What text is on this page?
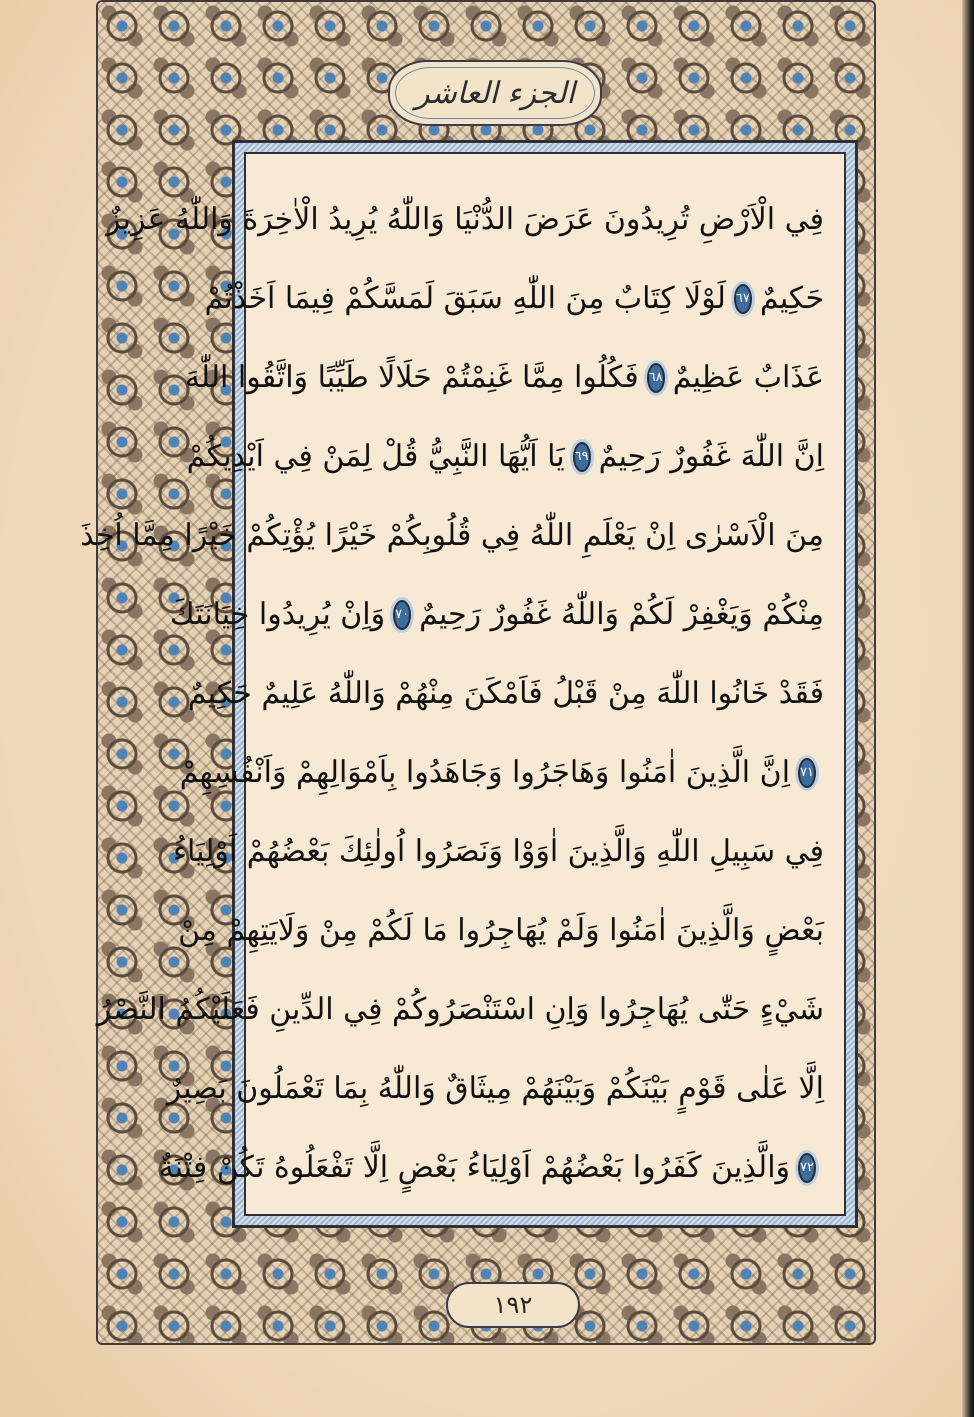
الجزء العاشر
فِي الْاَرْضِ تُرِيدُونَ عَرَضَ الدُّنْيَا وَاللّٰهُ يُرِيدُ الْاٰخِرَةَ وَاللّٰهُ عَزِيزٌ
حَكِيمٌ
٦٧
لَوْلَا كِتَابٌ مِنَ اللّٰهِ سَبَقَ لَمَسَّكُمْ فِيمَا اَخَذْتُمْ
عَذَابٌ عَظِيمٌ
٦٨
فَكُلُوا مِمَّا غَنِمْتُمْ حَلَالًا طَيِّبًا وَاتَّقُوا اللّٰهَ
اِنَّ اللّٰهَ غَفُورٌ رَحِيمٌ
٦٩
يَا اَيُّهَا النَّبِيُّ قُلْ لِمَنْ فِي اَيْدِيكُمْ
مِنَ الْاَسْرٰى اِنْ يَعْلَمِ اللّٰهُ فِي قُلُوبِكُمْ خَيْرًا يُؤْتِكُمْ خَيْرًا مِمَّا اُخِذَ
مِنْكُمْ وَيَغْفِرْ لَكُمْ وَاللّٰهُ غَفُورٌ رَحِيمٌ
٧٠
وَاِنْ يُرِيدُوا خِيَانَتَكَ
فَقَدْ خَانُوا اللّٰهَ مِنْ قَبْلُ فَاَمْكَنَ مِنْهُمْ وَاللّٰهُ عَلِيمٌ حَكِيمٌ
٧١
اِنَّ الَّذِينَ اٰمَنُوا وَهَاجَرُوا وَجَاهَدُوا بِاَمْوَالِهِمْ وَاَنْفُسِهِمْ
فِي سَبِيلِ اللّٰهِ وَالَّذِينَ اٰوَوْا وَنَصَرُوا اُولٰئِكَ بَعْضُهُمْ اَوْلِيَاءُ
بَعْضٍ وَالَّذِينَ اٰمَنُوا وَلَمْ يُهَاجِرُوا مَا لَكُمْ مِنْ وَلَايَتِهِمْ مِنْ
شَيْءٍ حَتّٰى يُهَاجِرُوا وَاِنِ اسْتَنْصَرُوكُمْ فِي الدِّينِ فَعَلَيْكُمُ النَّصْرُ
اِلَّا عَلٰى قَوْمٍ بَيْنَكُمْ وَبَيْنَهُمْ مِيثَاقٌ وَاللّٰهُ بِمَا تَعْمَلُونَ بَصِيرٌ
٧٢
وَالَّذِينَ كَفَرُوا بَعْضُهُمْ اَوْلِيَاءُ بَعْضٍ اِلَّا تَفْعَلُوهُ تَكُنْ فِتْنَةٌ
١٩٢
